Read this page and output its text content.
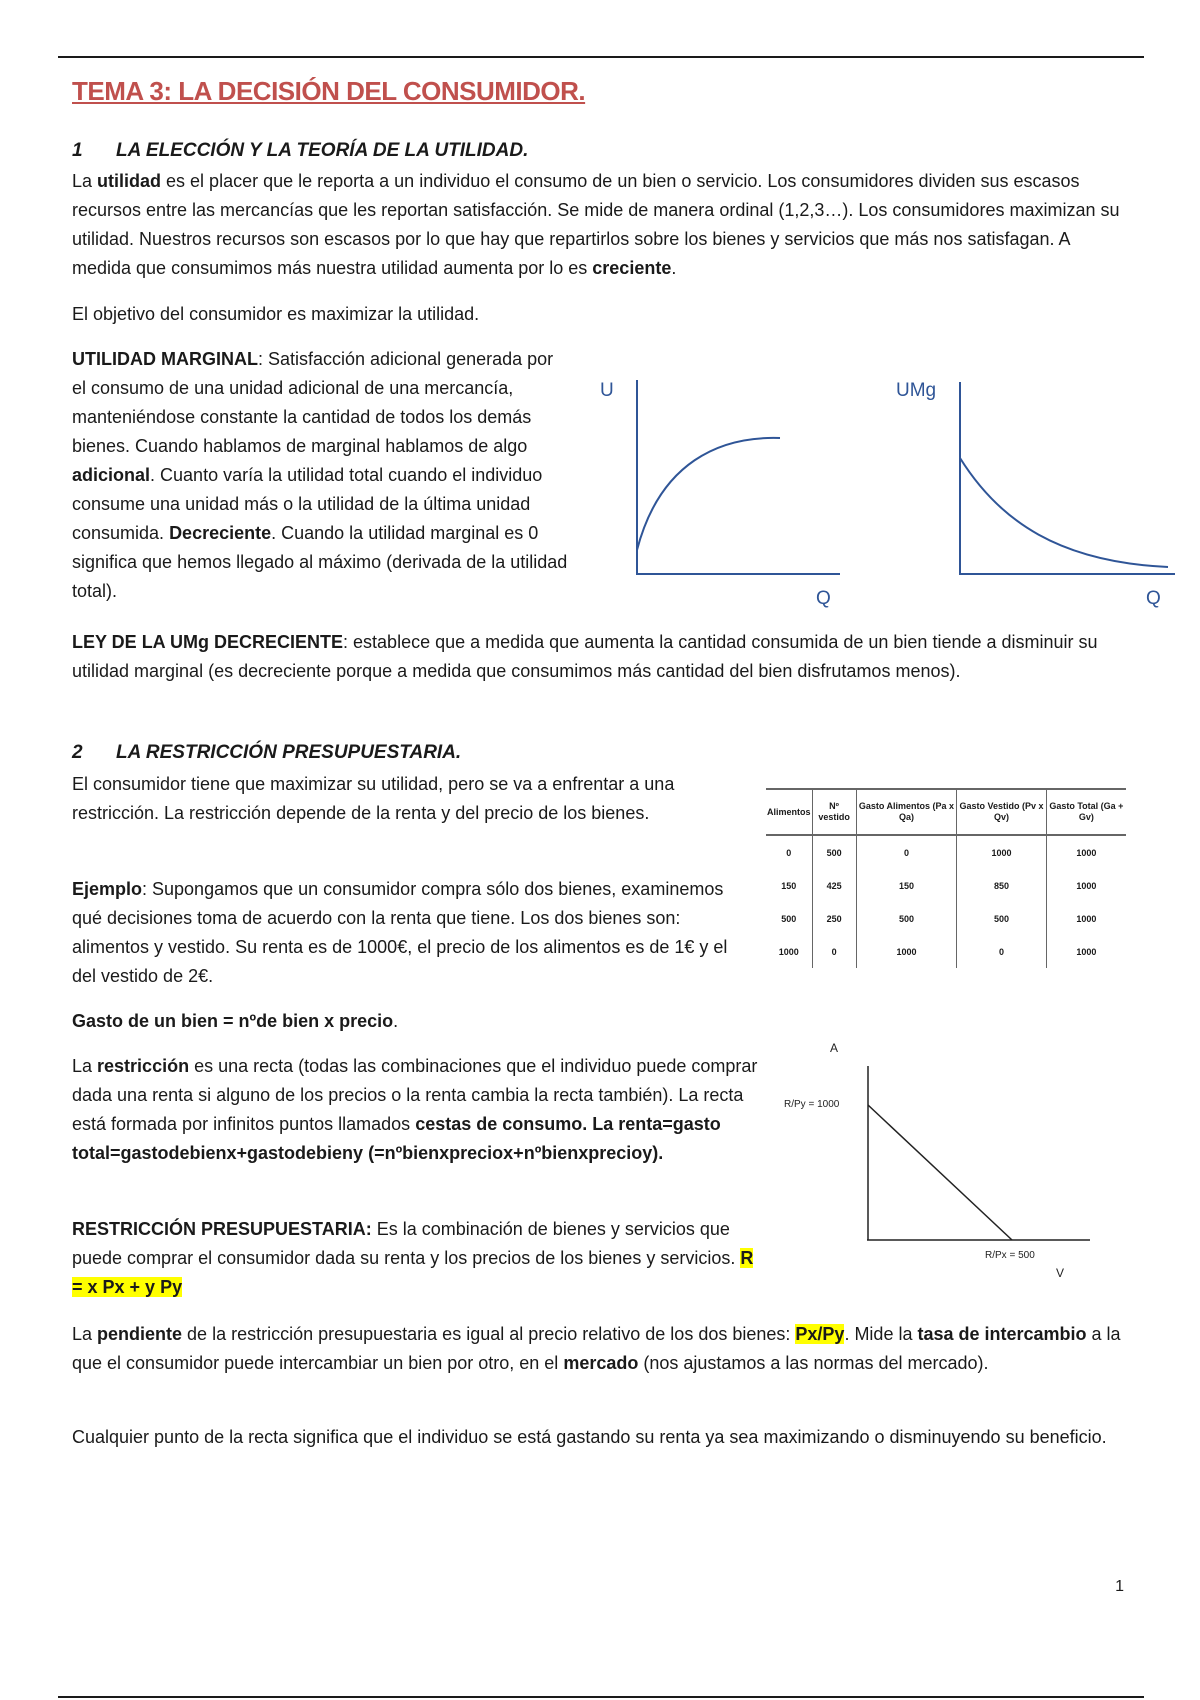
TEMA 3: LA DECISIÓN DEL CONSUMIDOR.
1 LA ELECCIÓN Y LA TEORÍA DE LA UTILIDAD.

La utilidad es el placer que le reporta a un individuo el consumo de un bien o servicio. Los consumidores dividen sus escasos recursos entre las mercancías que les reportan satisfacción. Se mide de manera ordinal (1,2,3…). Los consumidores maximizan su utilidad. Nuestros recursos son escasos por lo que hay que repartirlos sobre los bienes y servicios que más nos satisfagan. A medida que consumimos más nuestra utilidad aumenta por lo es creciente.

El objetivo del consumidor es maximizar la utilidad.

UTILIDAD MARGINAL: Satisfacción adicional generada por el consumo de una unidad adicional de una mercancía, manteniéndose constante la cantidad de todos los demás bienes. Cuando hablamos de marginal hablamos de algo adicional. Cuanto varía la utilidad total cuando el individuo consume una unidad más o la utilidad de la última unidad consumida. Decreciente. Cuando la utilidad marginal es 0 significa que hemos llegado al máximo (derivada de la utilidad total).

U
Q
UMg
Q

LEY DE LA UMg DECRECIENTE: establece que a medida que aumenta la cantidad consumida de un bien tiende a disminuir su utilidad marginal (es decreciente porque a medida que consumimos más cantidad del bien disfrutamos menos).

2 LA RESTRICCIÓN PRESUPUESTARIA.

El consumidor tiene que maximizar su utilidad, pero se va a enfrentar a una restricción. La restricción depende de la renta y del precio de los bienes.	Alimentos	Nº vestido	Gasto Alimentos (Pa x Qa)	Gasto Vestido (Pv x Qv)	Gasto Total (Ga + Gv)
0	500	0	1000	1000
150	425	150	850	1000
500	250	500	500	1000
1000	0	1000	0	1000

Ejemplo: Supongamos que un consumidor compra sólo dos bienes, examinemos qué decisiones toma de acuerdo con la renta que tiene. Los dos bienes son: alimentos y vestido. Su renta es de 1000€, el precio de los alimentos es de 1€ y el del vestido de 2€.

Gasto de un bien = nºde bien x precio.

La restricción es una recta (todas las combinaciones que el individuo puede comprar dada una renta si alguno de los precios o la renta cambia la recta también). La recta está formada por infinitos puntos llamados cestas de consumo. La renta=gasto total=gastodebienx+gastodebieny (=nºbienxpreciox+nºbienxprecioy).

RESTRICCIÓN PRESUPUESTARIA: Es la combinación de bienes y servicios que puede comprar el consumidor dada su renta y los precios de los bienes y servicios. R = x Px + y Py

A
R/Py = 1000
R/Px = 500
V

La pendiente de la restricción presupuestaria es igual al precio relativo de los dos bienes: Px/Py. Mide la tasa de intercambio a la que el consumidor puede intercambiar un bien por otro, en el mercado (nos ajustamos a las normas del mercado).

Cualquier punto de la recta significa que el individuo se está gastando su renta ya sea maximizando o disminuyendo su beneficio.

1
